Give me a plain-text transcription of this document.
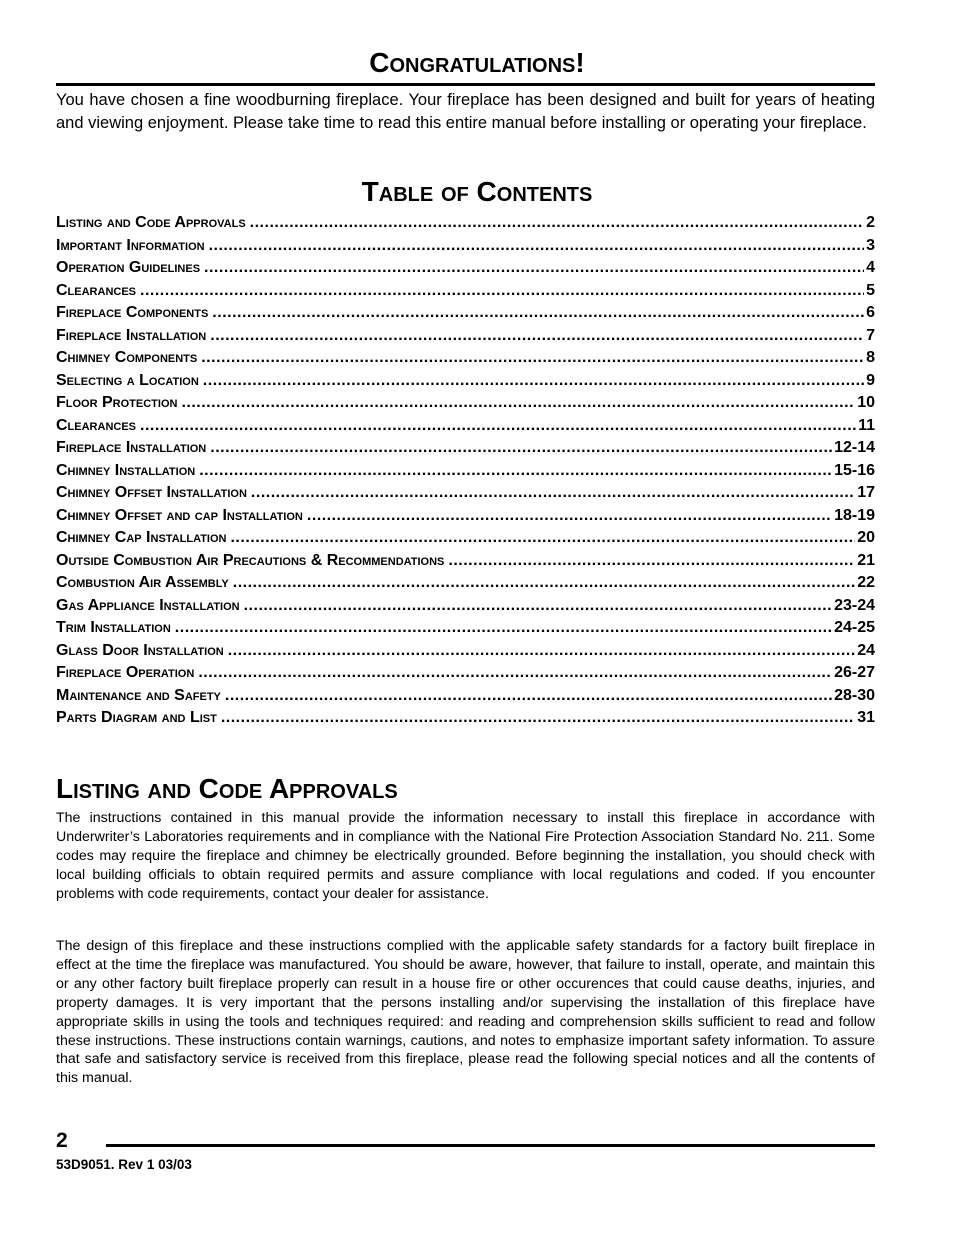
Congratulations!

You have chosen a fine woodburning fireplace. Your fireplace has been designed and built for years of heating and viewing enjoyment. Please take time to read this entire manual before installing or operating your fireplace.

Table of Contents
Listing and Code Approvals .....	2
Important Information .....	3
Operation Guidelines .....	4
Clearances .....	5
Fireplace Components .....	6
Fireplace Installation .....	7
Chimney Components .....	8
Selecting a Location .....	9
Floor Protection .....	10
Clearances .....	11
Fireplace Installation .....	12-14
Chimney Installation .....	15-16
Chimney Offset Installation .....	17
Chimney Offset and cap Installation .....	18-19
Chimney Cap Installation .....	20
Outside Combustion Air Precautions & Recommendations .....	21
Combustion Air Assembly .....	22
Gas Appliance Installation .....	23-24
Trim Installation .....	24-25
Glass Door Installation .....	24
Fireplace Operation .....	26-27
Maintenance and Safety .....	28-30
Parts Diagram and List .....	31
Listing and Code Approvals

The instructions contained in this manual provide the information necessary to install this fireplace in accordance with Underwriter’s Laboratories requirements and in compliance with the National Fire Protection Association Standard No. 211. Some codes may require the fireplace and chimney be electrically grounded. Before beginning the installation, you should check with local building officials to obtain required permits and assure compliance with local regulations and coded. If you encounter problems with code requirements, contact your dealer for assistance.

The design of this fireplace and these instructions complied with the applicable safety standards for a factory built fireplace in effect at the time the fireplace was manufactured. You should be aware, however, that failure to install, operate, and maintain this or any other factory built fireplace properly can result in a house fire or other occurences that could cause deaths, injuries, and property damages. It is very important that the persons installing and/or supervising the installation of this fireplace have appropriate skills in using the tools and techniques required: and reading and comprehension skills sufficient to read and follow these instructions. These instructions contain warnings, cautions, and notes to emphasize important safety information. To assure that safe and satisfactory service is received from this fireplace, please read the following special notices and all the contents of this manual.

2
53D9051. Rev 1 03/03
